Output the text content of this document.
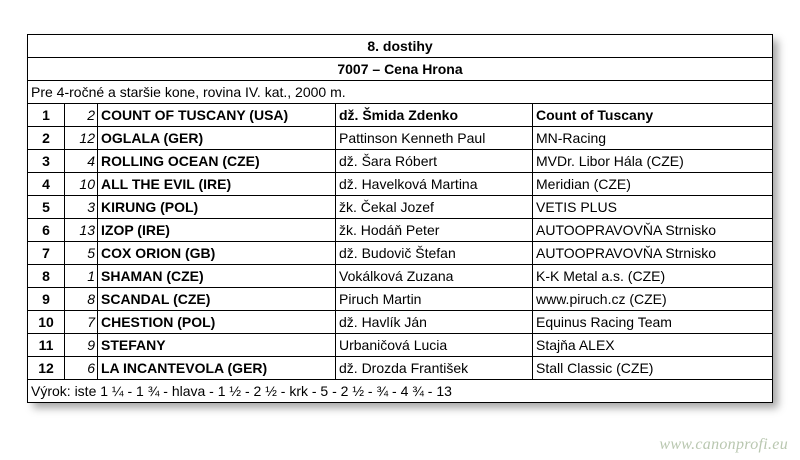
8. dostihy				
7007 – Cena Hrona				
Pre 4-ročné a staršie kone, rovina IV. kat., 2000 m.				
1	2	COUNT OF TUSCANY (USA)	dž. Šmida Zdenko	Count of Tuscany
2	12	OGLALA (GER)	Pattinson Kenneth Paul	MN-Racing
3	4	ROLLING OCEAN (CZE)	dž. Šara Róbert	MVDr. Libor Hála (CZE)
4	10	ALL THE EVIL (IRE)	dž. Havelková Martina	Meridian (CZE)
5	3	KIRUNG (POL)	žk. Čekal Jozef	VETIS PLUS
6	13	IZOP (IRE)	žk. Hodáň Peter	AUTOOPRAVOVŇA Strnisko
7	5	COX ORION (GB)	dž. Budovič Štefan	AUTOOPRAVOVŇA Strnisko
8	1	SHAMAN (CZE)	Vokálková Zuzana	K-K Metal a.s. (CZE)
9	8	SCANDAL (CZE)	Piruch Martin	www.piruch.cz (CZE)
10	7	CHESTION (POL)	dž. Havlík Ján	Equinus Racing Team
11	9	STEFANY	Urbaničová Lucia	Stajňa ALEX
12	6	LA INCANTEVOLA (GER)	dž. Drozda František	Stall Classic (CZE)
Výrok: iste 1 ¼ - 1 ¾ - hlava - 1 ½ - 2 ½ - krk - 5 - 2 ½ - ¾ - 4 ¾ - 13				
www.canonprofi.eu
